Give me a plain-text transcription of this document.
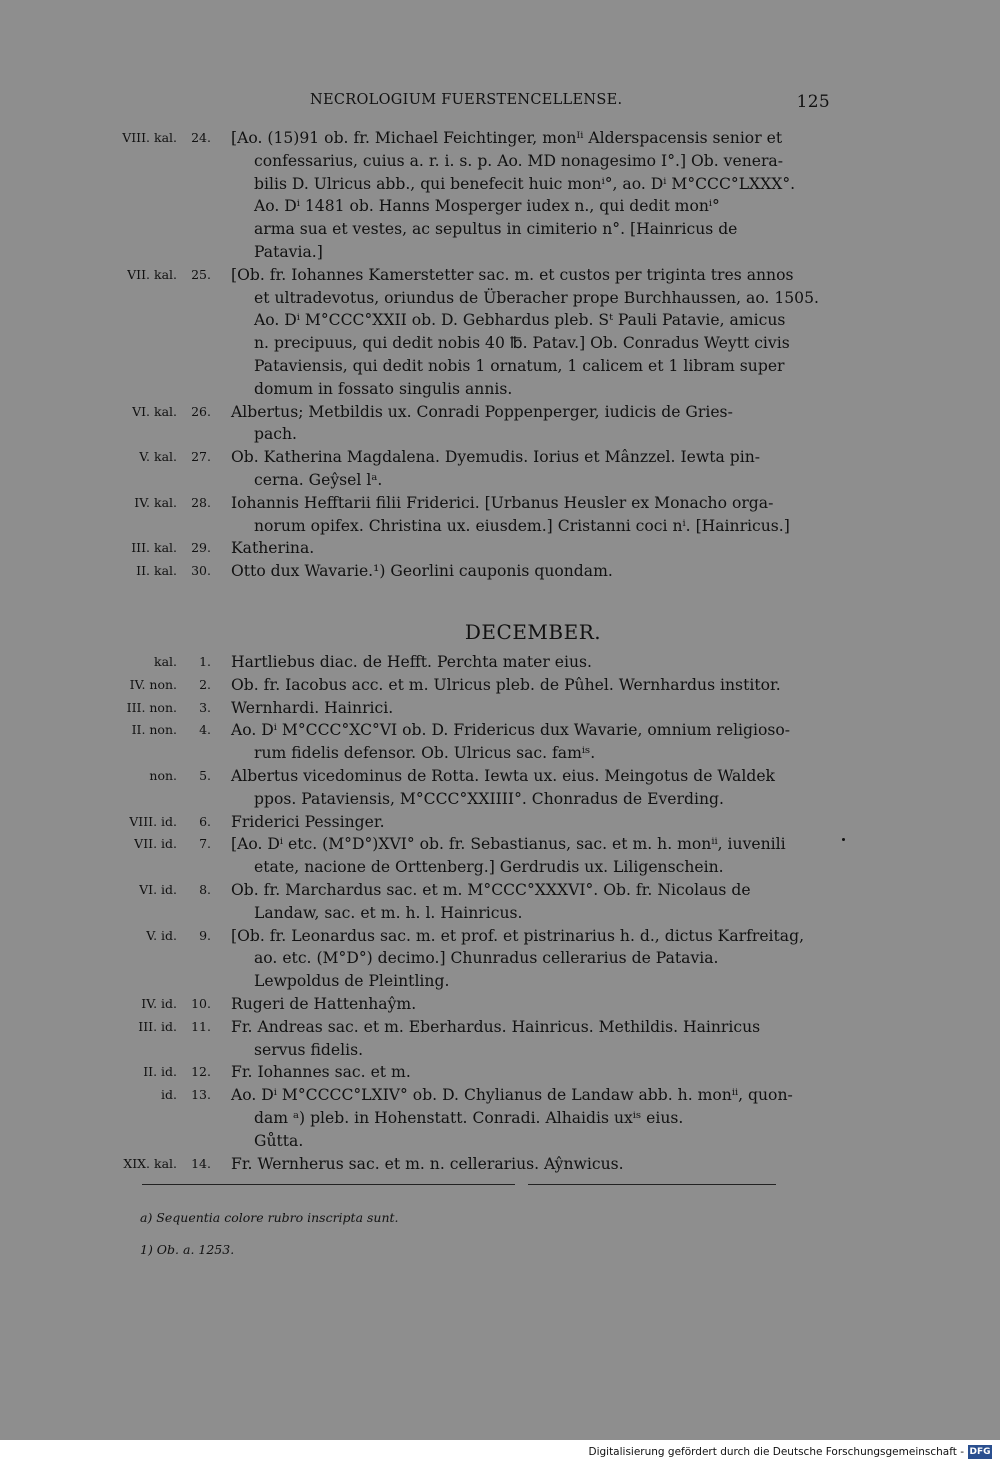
NECROLOGIUM FUERSTENCELLENSE.	125
VIII. kal.	24. [Ao. (15)91 ob. fr. Michael Feichtinger, monᴵⁱ Alderspacensis senior et
confessarius, cuius a. r. i. s. p. Ao. MD nonagesimo I°.] Ob. venera-
bilis D. Ulricus abb., qui benefecit huic monⁱ°, ao. Dⁱ M°CCC°LXXX°.
Ao. Dⁱ 1481 ob. Hanns Mosperger iudex n., qui dedit monⁱ°
arma sua et vestes, ac sepultus in cimiterio n°. [Hainricus de
Patavia.]
VII. kal.	25. [Ob. fr. Iohannes Kamerstetter sac. m. et custos per triginta tres annos
et ultradevotus, oriundus de Überacher prope Burchhaussen, ao. 1505.
Ao. Dⁱ M°CCC°XXII ob. D. Gebhardus pleb. Sᵗ Pauli Patavie, amicus
n. precipuus, qui dedit nobis 40 ℔. Patav.] Ob. Conradus Weytt civis
Pataviensis, qui dedit nobis 1 ornatum, 1 calicem et 1 libram super
domum in fossato singulis annis.
VI. kal.	26. Albertus; Metbildis ux. Conradi Poppenperger, iudicis de Gries-
pach.
V. kal.	27. Ob. Katherina Magdalena. Dyemudis. Iorius et Mânzzel. Iewta pin-
cerna. Geŷsel lᵃ.
IV. kal.	28. Iohannis Hefftarii filii Friderici. [Urbanus Heusler ex Monacho orga-
norum opifex. Christina ux. eiusdem.] Cristanni coci nⁱ. [Hainricus.]
III. kal.	29. Katherina.
II. kal.	30. Otto dux Wavarie.¹) Georlini cauponis quondam.
DECEMBER.
kal.	1. Hartliebus diac. de Hefft. Perchta mater eius.
IV. non.	2. Ob. fr. Iacobus acc. et m. Ulricus pleb. de Pûhel. Wernhardus institor.
III. non.	3. Wernhardi. Hainrici.
II. non.	4. Ao. Dⁱ M°CCC°XC°VI ob. D. Fridericus dux Wavarie, omnium religioso-
rum fidelis defensor. Ob. Ulricus sac. famⁱˢ.
non.	5. Albertus vicedominus de Rotta. Iewta ux. eius. Meingotus de Waldek
ppos. Pataviensis, M°CCC°XXIIII°. Chonradus de Everding.
VIII. id.	6. Friderici Pessinger.
VII. id.	7. [Ao. Dⁱ etc. (M°D°)XVI° ob. fr. Sebastianus, sac. et m. h. monⁱⁱ, iuvenili
etate, nacione de Orttenberg.] Gerdrudis ux. Liligenschein.
VI. id.	8. Ob. fr. Marchardus sac. et m. M°CCC°XXXVI°. Ob. fr. Nicolaus de
Landaw, sac. et m. h. l. Hainricus.
V. id.	9. [Ob. fr. Leonardus sac. m. et prof. et pistrinarius h. d., dictus Karfreitag,
ao. etc. (M°D°) decimo.] Chunradus cellerarius de Patavia.
Lewpoldus de Pleintling.
IV. id.	10. Rugeri de Hattenhaŷm.
III. id.	11. Fr. Andreas sac. et m. Eberhardus. Hainricus. Methildis. Hainricus
servus fidelis.
II. id.	12. Fr. Iohannes sac. et m.
id.	13. Ao. Dⁱ M°CCCC°LXIV° ob. D. Chylianus de Landaw abb. h. monⁱⁱ, quon-
dam ᵃ) pleb. in Hohenstatt. Conradi. Alhaidis uxⁱˢ eius.
Gůtta.
XIX. kal.	14. Fr. Wernherus sac. et m. n. cellerarius. Aŷnwicus.
a) Sequentia colore rubro inscripta sunt.
1) Ob. a. 1253.
Digitalisierung gefördert durch die Deutsche Forschungsgemeinschaft - DFG
